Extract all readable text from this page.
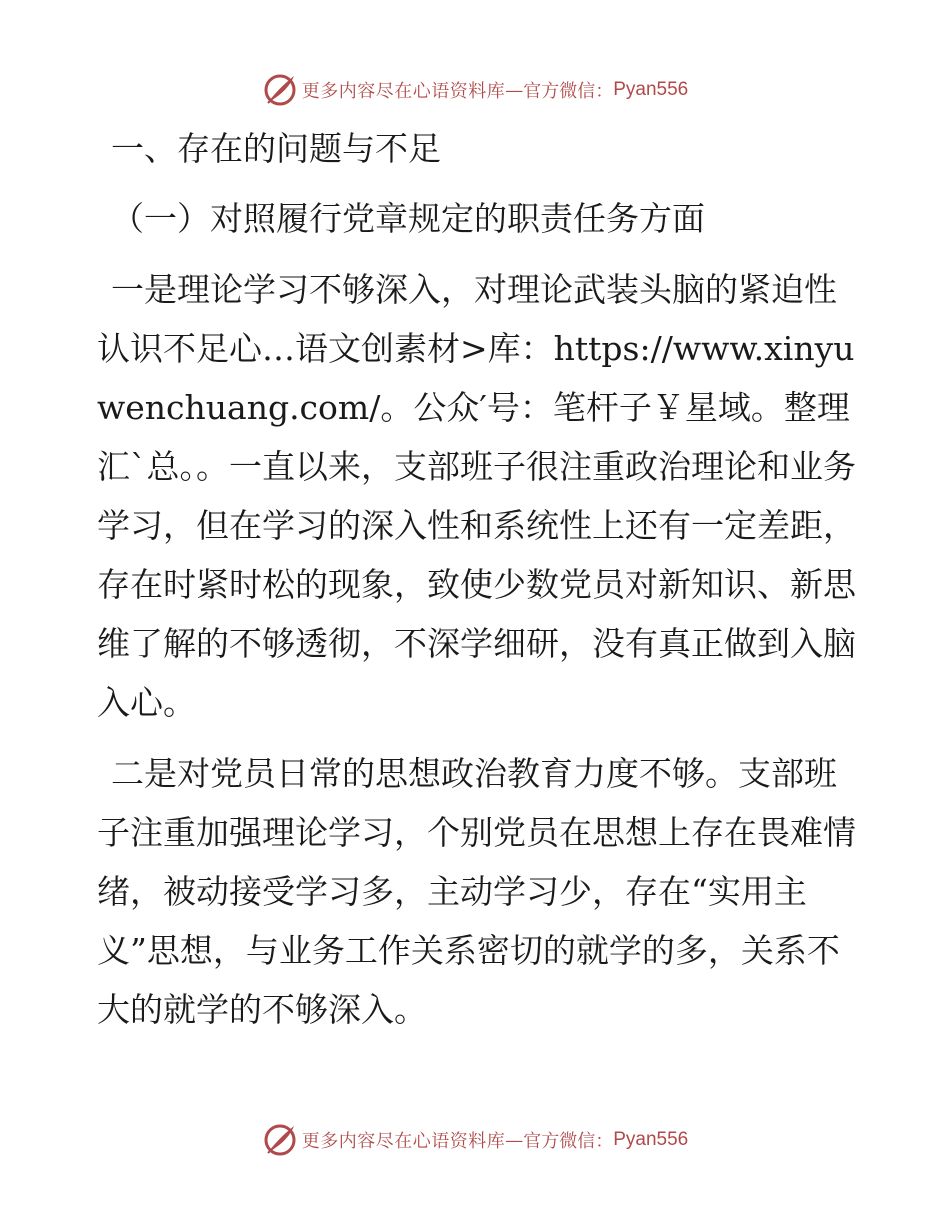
更多内容尽在心语资料库 — 官方微信： Pyan556
一、存在的问题与不足
（一）对照履行党章规定的职责任务方面

一是理论学习不够深入，对理论武装头脑的紧迫性认识不足心…语文创素材>库：https://www.xinyuwenchuang.com/。公众′号：笔杆子￥星域。整理汇`总。。一直以来，支部班子很注重政治理论和业务学习，但在学习的深入性和系统性上还有一定差距，存在时紧时松的现象，致使少数党员对新知识、新思维了解的不够透彻，不深学细研，没有真正做到入脑入心。

二是对党员日常的思想政治教育力度不够。支部班子注重加强理论学习，个别党员在思想上存在畏难情绪，被动接受学习多，主动学习少，存在“实用主义”思想，与业务工作关系密切的就学的多，关系不大的就学的不够深入。

更多内容尽在心语资料库 — 官方微信： Pyan556
